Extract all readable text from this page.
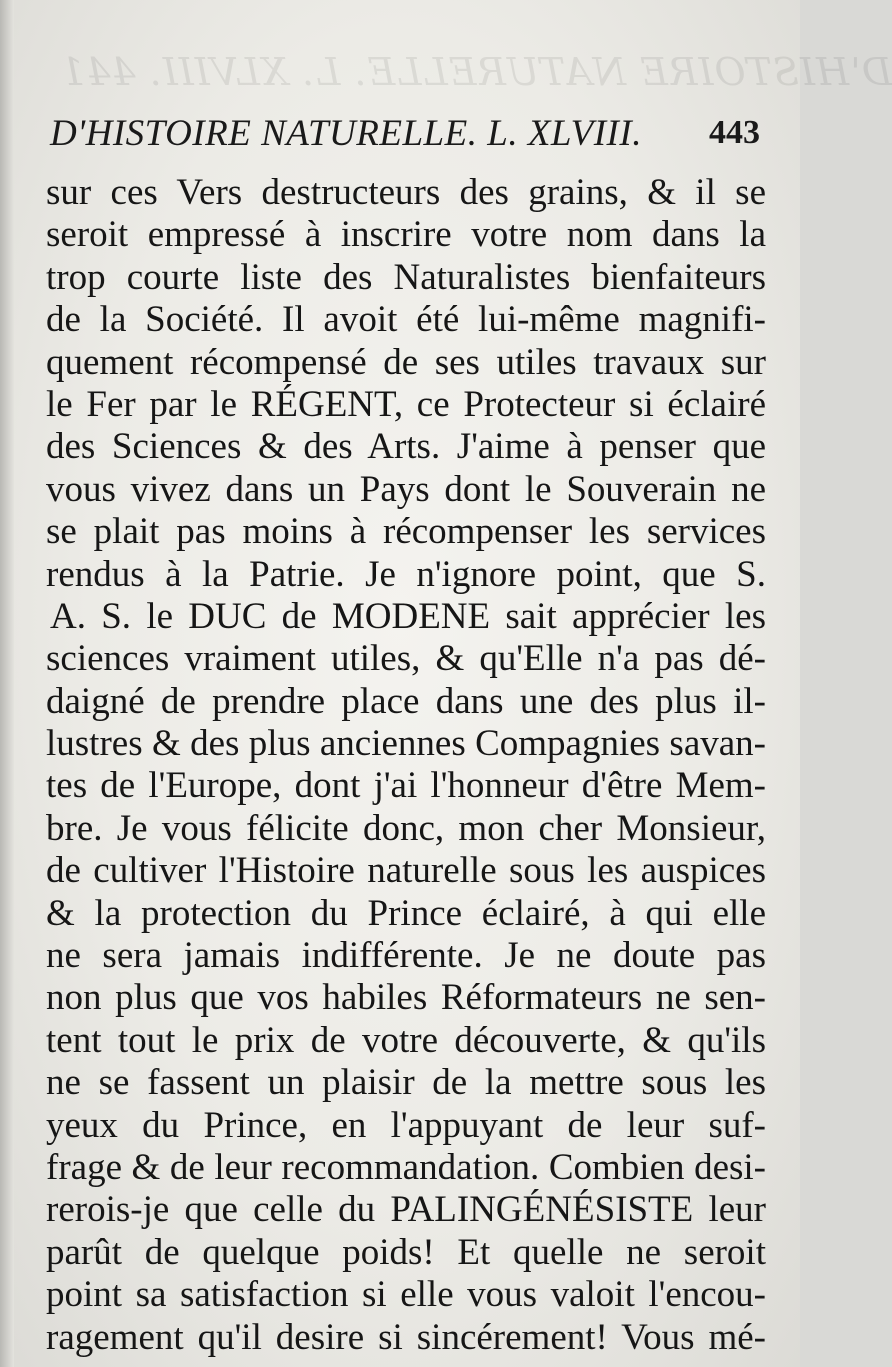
D'HISTOIRE NATURELLE. L. XLVIII. 441
D'HISTOIRE NATURELLE. L. XLVIII. 443
sur ces Vers destructeurs des grains, & il se
seroit empressé à inscrire votre nom dans la
trop courte liste des Naturalistes bienfaiteurs
de la Société. Il avoit été lui-même magnifi-
quement récompensé de ses utiles travaux sur
le Fer par le RÉGENT, ce Protecteur si éclairé
des Sciences & des Arts. J'aime à penser que
vous vivez dans un Pays dont le Souverain ne
se plait pas moins à récompenser les services
rendus à la Patrie. Je n'ignore point, que S.
A. S. le DUC de MODENE sait apprécier les
sciences vraiment utiles, & qu'Elle n'a pas dé-
daigné de prendre place dans une des plus il-
lustres & des plus anciennes Compagnies savan-
tes de l'Europe, dont j'ai l'honneur d'être Mem-
bre. Je vous félicite donc, mon cher Monsieur,
de cultiver l'Histoire naturelle sous les auspices
& la protection du Prince éclairé, à qui elle
ne sera jamais indifférente. Je ne doute pas
non plus que vos habiles Réformateurs ne sen-
tent tout le prix de votre découverte, & qu'ils
ne se fassent un plaisir de la mettre sous les
yeux du Prince, en l'appuyant de leur suf-
frage & de leur recommandation. Combien desi-
rerois-je que celle du PALINGÉNÉSISTE leur
parût de quelque poids! Et quelle ne seroit
point sa satisfaction si elle vous valoit l'encou-
ragement qu'il desire si sincérement! Vous mé-
